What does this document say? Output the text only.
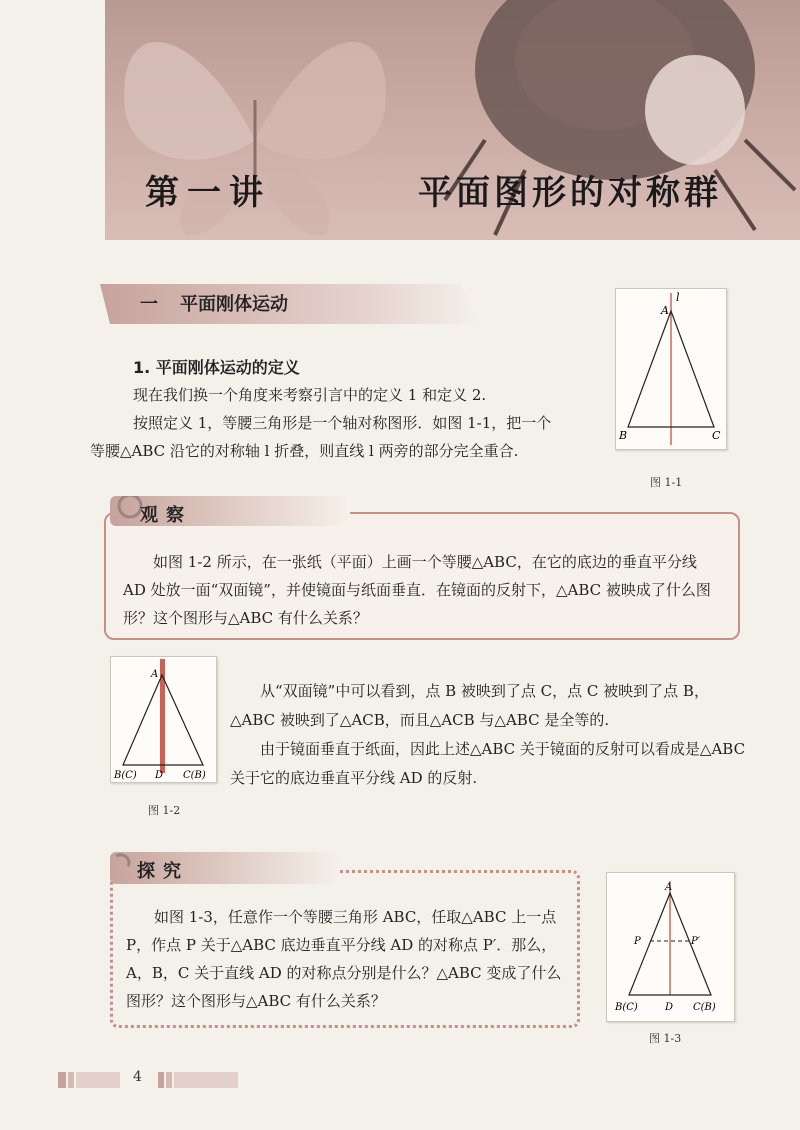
第一讲	平面图形的对称群
一 平面刚体运动
1. 平面刚体运动的定义
现在我们换一个角度来考察引言中的定义 1 和定义 2.
按照定义 1，等腰三角形是一个轴对称图形．如图 1-1，把一个
等腰△ABC 沿它的对称轴 l 折叠，则直线 l 两旁的部分完全重合.
l
A
B	C
图 1-1
观察
如图 1-2 所示，在一张纸（平面）上画一个等腰△ABC，在它的底边的垂直平分线 AD 处放一面“双面镜”，并使镜面与纸面垂直．在镜面的反射下，△ABC 被映成了什么图形？这个图形与△ABC 有什么关系？
A
B(C) D C(B)
图 1-2
从“双面镜”中可以看到，点 B 被映到了点 C，点 C 被映到了点 B，△ABC 被映到了△ACB，而且△ACB 与△ABC 是全等的.
由于镜面垂直于纸面，因此上述△ABC 关于镜面的反射可以看成是△ABC 关于它的底边垂直平分线 AD 的反射.
探究
如图 1-3，任意作一个等腰三角形 ABC，任取△ABC 上一点 P，作点 P 关于△ABC 底边垂直平分线 AD 的对称点 P′．那么，A，B，C 关于直线 AD 的对称点分别是什么？△ABC 变成了什么图形？这个图形与△ABC 有什么关系？
A
P	P′
B(C)	D C(B)
图 1-3
4
